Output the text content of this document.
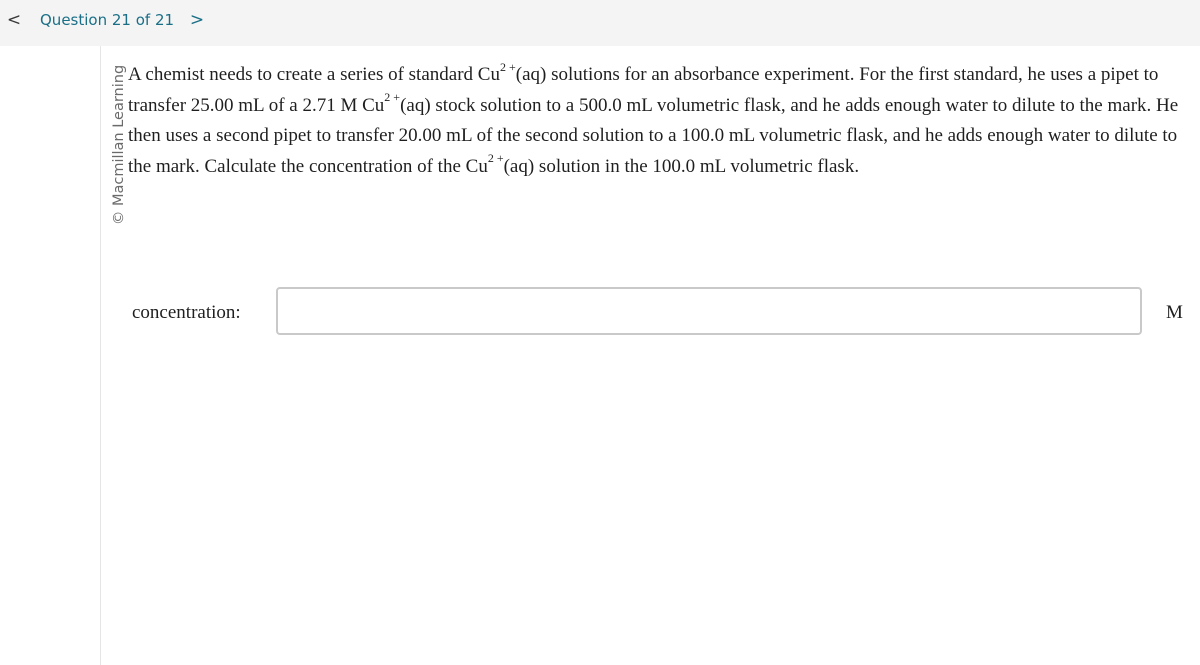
< Question 21 of 21 >
© Macmillan Learning A chemist needs to create a series of standard $Cu^{2 +}(aq)$ solutions for an absorbance experiment. For the first standard, he uses a pipet to transfer 25.00 mL of a 2.71 M $Cu^{2 +}(aq)$ stock solution to a 500.0 mL volumetric flask, and he adds enough water to dilute to the mark. He then uses a second pipet to transfer 20.00 mL of the second solution to a 100.0 mL volumetric flask, and he adds enough water to dilute to the mark. Calculate the concentration of the $Cu^{2 +}(aq)$ solution in the 100.0 mL volumetric flask.
concentration:	M
